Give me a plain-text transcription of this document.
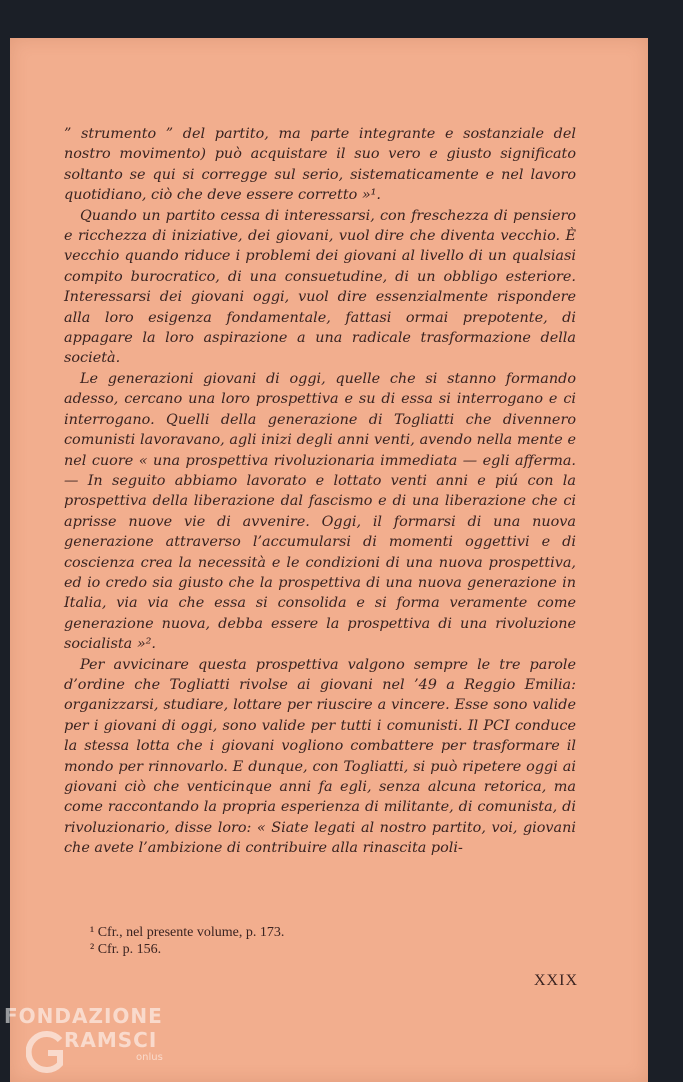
” strumento ” del partito, ma parte integrante e sostanziale del nostro movimento) può acquistare il suo vero e giusto significato soltanto se qui si corregge sul serio, sistematicamente e nel lavoro quotidiano, ciò che deve essere corretto »¹.

Quando un partito cessa di interessarsi, con freschezza di pensiero e ricchezza di iniziative, dei giovani, vuol dire che diventa vecchio. È vecchio quando riduce i problemi dei giovani al livello di un qualsiasi compito burocratico, di una consuetudine, di un obbligo esteriore. Interessarsi dei giovani oggi, vuol dire essenzialmente rispondere alla loro esigenza fondamentale, fattasi ormai prepotente, di appagare la loro aspirazione a una radicale trasformazione della società.

Le generazioni giovani di oggi, quelle che si stanno formando adesso, cercano una loro prospettiva e su di essa si interrogano e ci interrogano. Quelli della generazione di Togliatti che divennero comunisti lavoravano, agli inizi degli anni venti, avendo nella mente e nel cuore « una prospettiva rivoluzionaria immediata — egli afferma. — In seguito abbiamo lavorato e lottato venti anni e piú con la prospettiva della liberazione dal fascismo e di una liberazione che ci aprisse nuove vie di avvenire. Oggi, il formarsi di una nuova generazione attraverso l’accumularsi di momenti oggettivi e di coscienza crea la necessità e le condizioni di una nuova prospettiva, ed io credo sia giusto che la prospettiva di una nuova generazione in Italia, via via che essa si consolida e si forma veramente come generazione nuova, debba essere la prospettiva di una rivoluzione socialista »².

Per avvicinare questa prospettiva valgono sempre le tre parole d’ordine che Togliatti rivolse ai giovani nel ’49 a Reggio Emilia: organizzarsi, studiare, lottare per riuscire a vincere. Esse sono valide per i giovani di oggi, sono valide per tutti i comunisti. Il PCI conduce la stessa lotta che i giovani vogliono combattere per trasformare il mondo per rinnovarlo. E dunque, con Togliatti, si può ripetere oggi ai giovani ciò che venticinque anni fa egli, senza alcuna retorica, ma come raccontando la propria esperienza di militante, di comunista, di rivoluzionario, disse loro: « Siate legati al nostro partito, voi, giovani che avete l’ambizione di contribuire alla rinascita poli-

¹ Cfr., nel presente volume, p. 173.
² Cfr. p. 156.
XXIX
FONDAZIONE
RAMSCI
onlus
